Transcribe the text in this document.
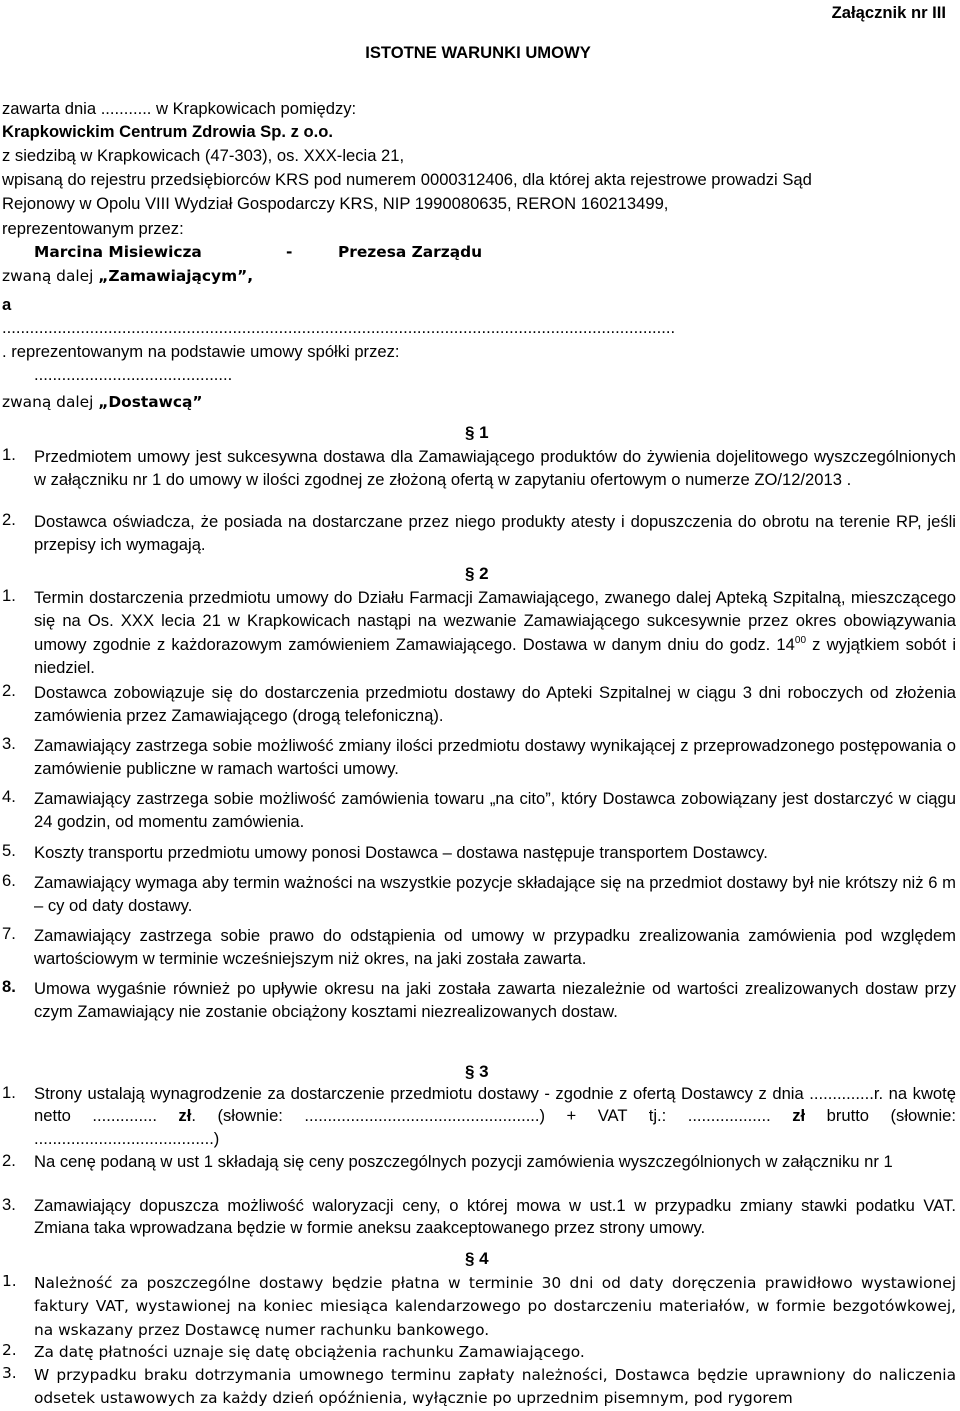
Załącznik nr III
ISTOTNE WARUNKI UMOWY
zawarta dnia ........... w Krapkowicach pomiędzy:
Krapkowickim Centrum Zdrowia Sp. z o.o.
z siedzibą w Krapkowicach (47-303), os. XXX-lecia 21,
wpisaną do rejestru przedsiębiorców KRS pod numerem 0000312406, dla której akta rejestrowe prowadzi Sąd
Rejonowy w Opolu VIII Wydział Gospodarczy KRS, NIP 1990080635, RERON 160213499,
reprezentowanym przez:
Marcina Misiewicza	-	Prezesa Zarządu
zwaną dalej „Zamawiającym”,
a
..................................................................................................................................................
. reprezentowanym na podstawie umowy spółki przez:
...........................................
zwaną dalej „Dostawcą”
§ 1
1. Przedmiotem umowy jest sukcesywna dostawa dla Zamawiającego produktów do żywienia dojelitowego wyszczególnionych w załączniku nr 1 do umowy w ilości zgodnej ze złożoną ofertą w zapytaniu ofertowym o numerze ZO/12/2013 .
2. Dostawca oświadcza, że posiada na dostarczane przez niego produkty atesty i dopuszczenia do obrotu na terenie RP, jeśli przepisy ich wymagają.
§ 2
1. Termin dostarczenia przedmiotu umowy do Działu Farmacji Zamawiającego, zwanego dalej Apteką Szpitalną, mieszczącego się na Os. XXX lecia 21 w Krapkowicach nastąpi na wezwanie Zamawiającego sukcesywnie przez okres obowiązywania umowy zgodnie z każdorazowym zamówieniem Zamawiającego. Dostawa w danym dniu do godz. $14^{00}$ z wyjątkiem sobót i niedziel.
2. Dostawca zobowiązuje się do dostarczenia przedmiotu dostawy do Apteki Szpitalnej w ciągu 3 dni roboczych od złożenia zamówienia przez Zamawiającego (drogą telefoniczną).
3. Zamawiający zastrzega sobie możliwość zmiany ilości przedmiotu dostawy wynikającej z przeprowadzonego postępowania o zamówienie publiczne w ramach wartości umowy.
4. Zamawiający zastrzega sobie możliwość zamówienia towaru „na cito”, który Dostawca zobowiązany jest dostarczyć w ciągu 24 godzin, od momentu zamówienia.
5. Koszty transportu przedmiotu umowy ponosi Dostawca – dostawa następuje transportem Dostawcy.
6. Zamawiający wymaga aby termin ważności na wszystkie pozycje składające się na przedmiot dostawy był nie krótszy niż 6 m – cy od daty dostawy.
7. Zamawiający zastrzega sobie prawo do odstąpienia od umowy w przypadku zrealizowania zamówienia pod względem wartościowym w terminie wcześniejszym niż okres, na jaki została zawarta.
8. Umowa wygaśnie również po upływie okresu na jaki została zawarta niezależnie od wartości zrealizowanych dostaw przy czym Zamawiający nie zostanie obciążony kosztami niezrealizowanych dostaw.
§ 3
1. Strony ustalają wynagrodzenie za dostarczenie przedmiotu dostawy - zgodnie z ofertą Dostawcy z dnia ..............r. na kwotę netto .............. zł. (słownie: ...................................................) + VAT tj.: .................. zł brutto (słownie: .......................................)
2. Na cenę podaną w ust 1 składają się ceny poszczególnych pozycji zamówienia wyszczególnionych w załączniku nr 1
3. Zamawiający dopuszcza możliwość waloryzacji ceny, o której mowa w ust.1 w przypadku zmiany stawki podatku VAT. Zmiana taka wprowadzana będzie w formie aneksu zaakceptowanego przez strony umowy.
§ 4
1. Należność za poszczególne dostawy będzie płatna w terminie 30 dni od daty doręczenia prawidłowo wystawionej faktury VAT, wystawionej na koniec miesiąca kalendarzowego po dostarczeniu materiałów, w formie bezgotówkowej, na wskazany przez Dostawcę numer rachunku bankowego.
2. Za datę płatności uznaje się datę obciążenia rachunku Zamawiającego.
3. W przypadku braku dotrzymania umownego terminu zapłaty należności, Dostawca będzie uprawniony do naliczenia odsetek ustawowych za każdy dzień opóźnienia, wyłącznie po uprzednim pisemnym, pod rygorem
